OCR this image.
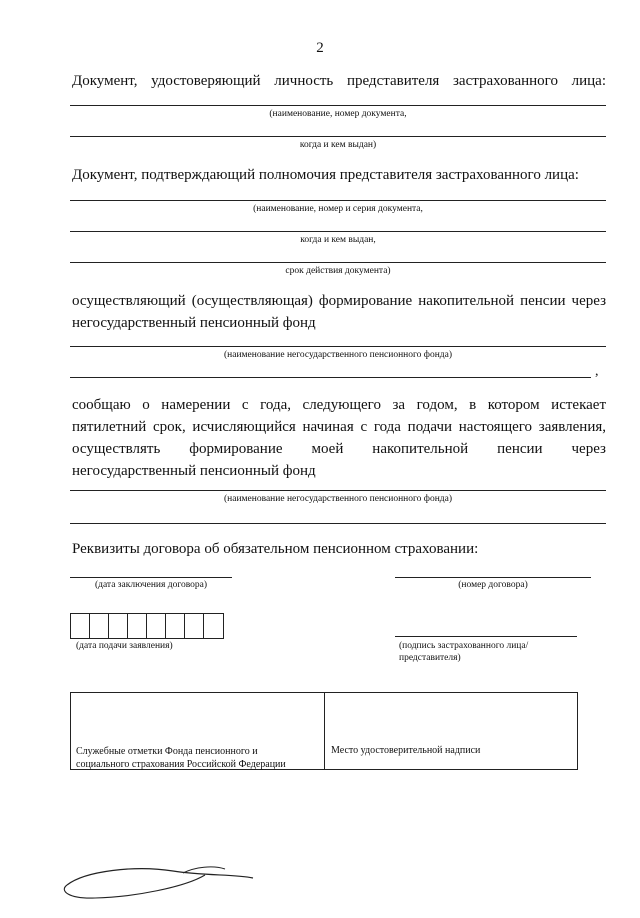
2
Документ, удостоверяющий личность представителя застрахованного лица:
(наименование, номер документа,
когда и кем выдан)
Документ, подтверждающий полномочия представителя застрахованного лица:
(наименование, номер и серия документа,
когда и кем выдан,
срок действия документа)
осуществляющий (осуществляющая) формирование накопительной пенсии через
негосударственный пенсионный фонд
(наименование негосударственного пенсионного фонда)
,
сообщаю о намерении с года, следующего за годом, в котором истекает
пятилетний срок, исчисляющийся начиная с года подачи настоящего заявления,
осуществлять формирование моей накопительной пенсии через
негосударственный пенсионный фонд
(наименование негосударственного пенсионного фонда)
Реквизиты договора об обязательном пенсионном страховании:
(дата заключения договора)	(номер договора)
(дата подачи заявления)	(подпись застрахованного лица/
представителя)
Служебные отметки Фонда пенсионного и
социального страхования Российской Федерации
Место удостоверительной надписи
